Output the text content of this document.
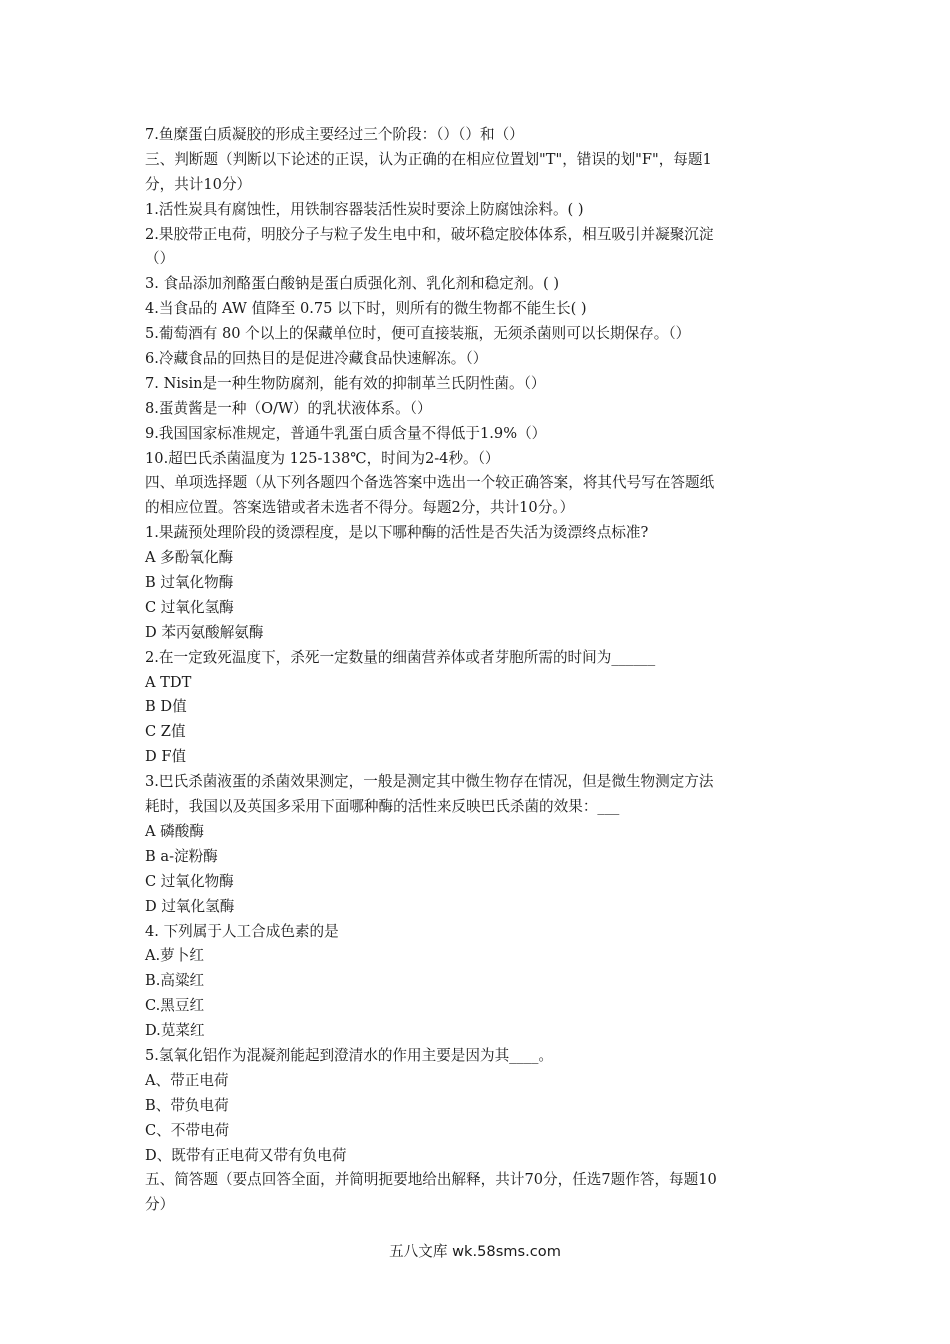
7.鱼糜蛋白质凝胶的形成主要经过三个阶段：（）（）和（）
三、判断题（判断以下论述的正误，认为正确的在相应位置划"T"，错误的划"F"，每题1
分，共计10分）
1.活性炭具有腐蚀性，用铁制容器装活性炭时要涂上防腐蚀涂料。( )
2.果胶带正电荷，明胶分子与粒子发生电中和，破坏稳定胶体体系，相互吸引并凝聚沉淀
（）
3. 食品添加剂酪蛋白酸钠是蛋白质强化剂、乳化剂和稳定剂。( )
4.当食品的 AW 值降至 0.75 以下时，则所有的微生物都不能生长( )
5.葡萄酒有 80 个以上的保藏单位时，便可直接装瓶，无须杀菌则可以长期保存。（）
6.冷藏食品的回热目的是促进冷藏食品快速解冻。（）
7. Nisin是一种生物防腐剂，能有效的抑制革兰氏阴性菌。（）
8.蛋黄酱是一种（O/W）的乳状液体系。（）
9.我国国家标准规定，普通牛乳蛋白质含量不得低于1.9%（）
10.超巴氏杀菌温度为 125-138℃，时间为2-4秒。（）
四、单项选择题（从下列各题四个备选答案中选出一个较正确答案，将其代号写在答题纸
的相应位置。答案选错或者未选者不得分。每题2分，共计10分。）
1.果蔬预处理阶段的烫漂程度，是以下哪种酶的活性是否失活为烫漂终点标准?
A 多酚氧化酶
B 过氧化物酶
C 过氧化氢酶
D 苯丙氨酸解氨酶
2.在一定致死温度下，杀死一定数量的细菌营养体或者芽胞所需的时间为______
A TDT
B D值
C Z值
D F值
3.巴氏杀菌液蛋的杀菌效果测定，一般是测定其中微生物存在情况，但是微生物测定方法
耗时，我国以及英国多采用下面哪种酶的活性来反映巴氏杀菌的效果：___
A 磷酸酶
B a-淀粉酶
C 过氧化物酶
D 过氧化氢酶
4. 下列属于人工合成色素的是
A.萝卜红
B.高粱红
C.黑豆红
D.苋菜红
5.氢氧化铝作为混凝剂能起到澄清水的作用主要是因为其____。
A、带正电荷
B、带负电荷
C、不带电荷
D、既带有正电荷又带有负电荷
五、简答题（要点回答全面，并简明扼要地给出解释，共计70分，任选7题作答，每题10
分）
五八文库 wk.58sms.com
